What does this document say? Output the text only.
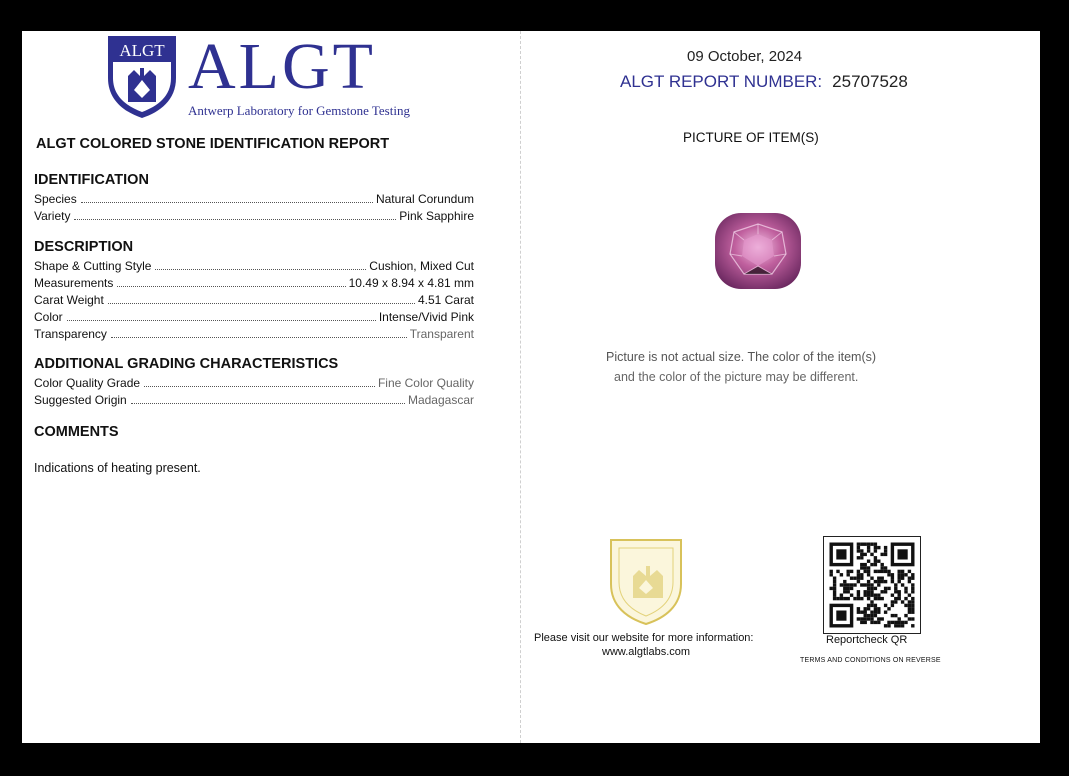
ALGT ALGT
Antwerp Laboratory for Gemstone Testing
ALGT COLORED STONE IDENTIFICATION REPORT
IDENTIFICATION
Species	Natural Corundum
Variety	Pink Sapphire
DESCRIPTION
Shape & Cutting Style	Cushion, Mixed Cut
Measurements	10.49 x 8.94 x 4.81 mm
Carat Weight	4.51 Carat
Color	Intense/Vivid Pink
Transparency	Transparent
ADDITIONAL GRADING CHARACTERISTICS
Color Quality Grade	Fine Color Quality
Suggested Origin	Madagascar
COMMENTS
Indications of heating present.
09 October, 2024
ALGT REPORT NUMBER: 25707528
PICTURE OF ITEM(S)
Picture is not actual size. The color of the item(s)
and the color of the picture may be different.
Please visit our website for more information:
www.algtlabs.com
Reportcheck QR
TERMS AND CONDITIONS ON REVERSE
